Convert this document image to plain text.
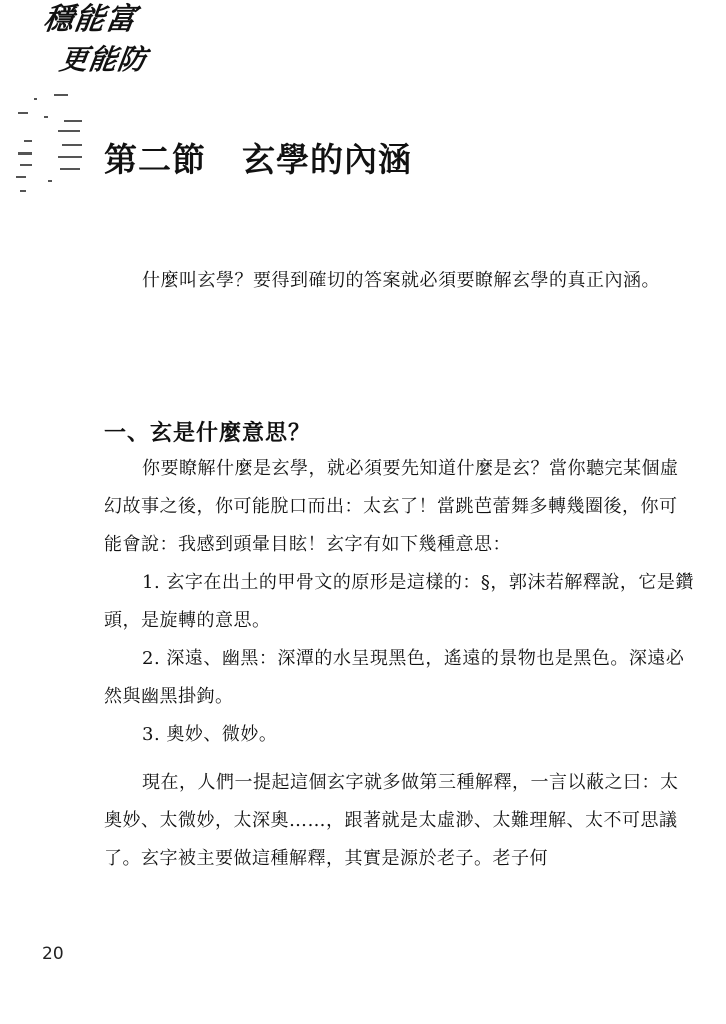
穩能富
更能防
第二節 玄學的內涵

什麼叫玄學？要得到確切的答案就必須要瞭解玄學的真正內涵。

一、玄是什麼意思？

你要瞭解什麼是玄學，就必須要先知道什麼是玄？當你聽完某個虛幻故事之後，你可能脫口而出：太玄了！當跳芭蕾舞多轉幾圈後，你可能會說：我感到頭暈目眩！玄字有如下幾種意思：

1. 玄字在出土的甲骨文的原形是這樣的：§，郭沫若解釋說，它是鑽頭，是旋轉的意思。

2. 深遠、幽黑：深潭的水呈現黑色，遙遠的景物也是黑色。深遠必然與幽黑掛鉤。

3. 奧妙、微妙。

現在，人們一提起這個玄字就多做第三種解釋，一言以蔽之曰：太奧妙、太微妙，太深奧……，跟著就是太虛渺、太難理解、太不可思議了。玄字被主要做這種解釋，其實是源於老子。老子何

20
